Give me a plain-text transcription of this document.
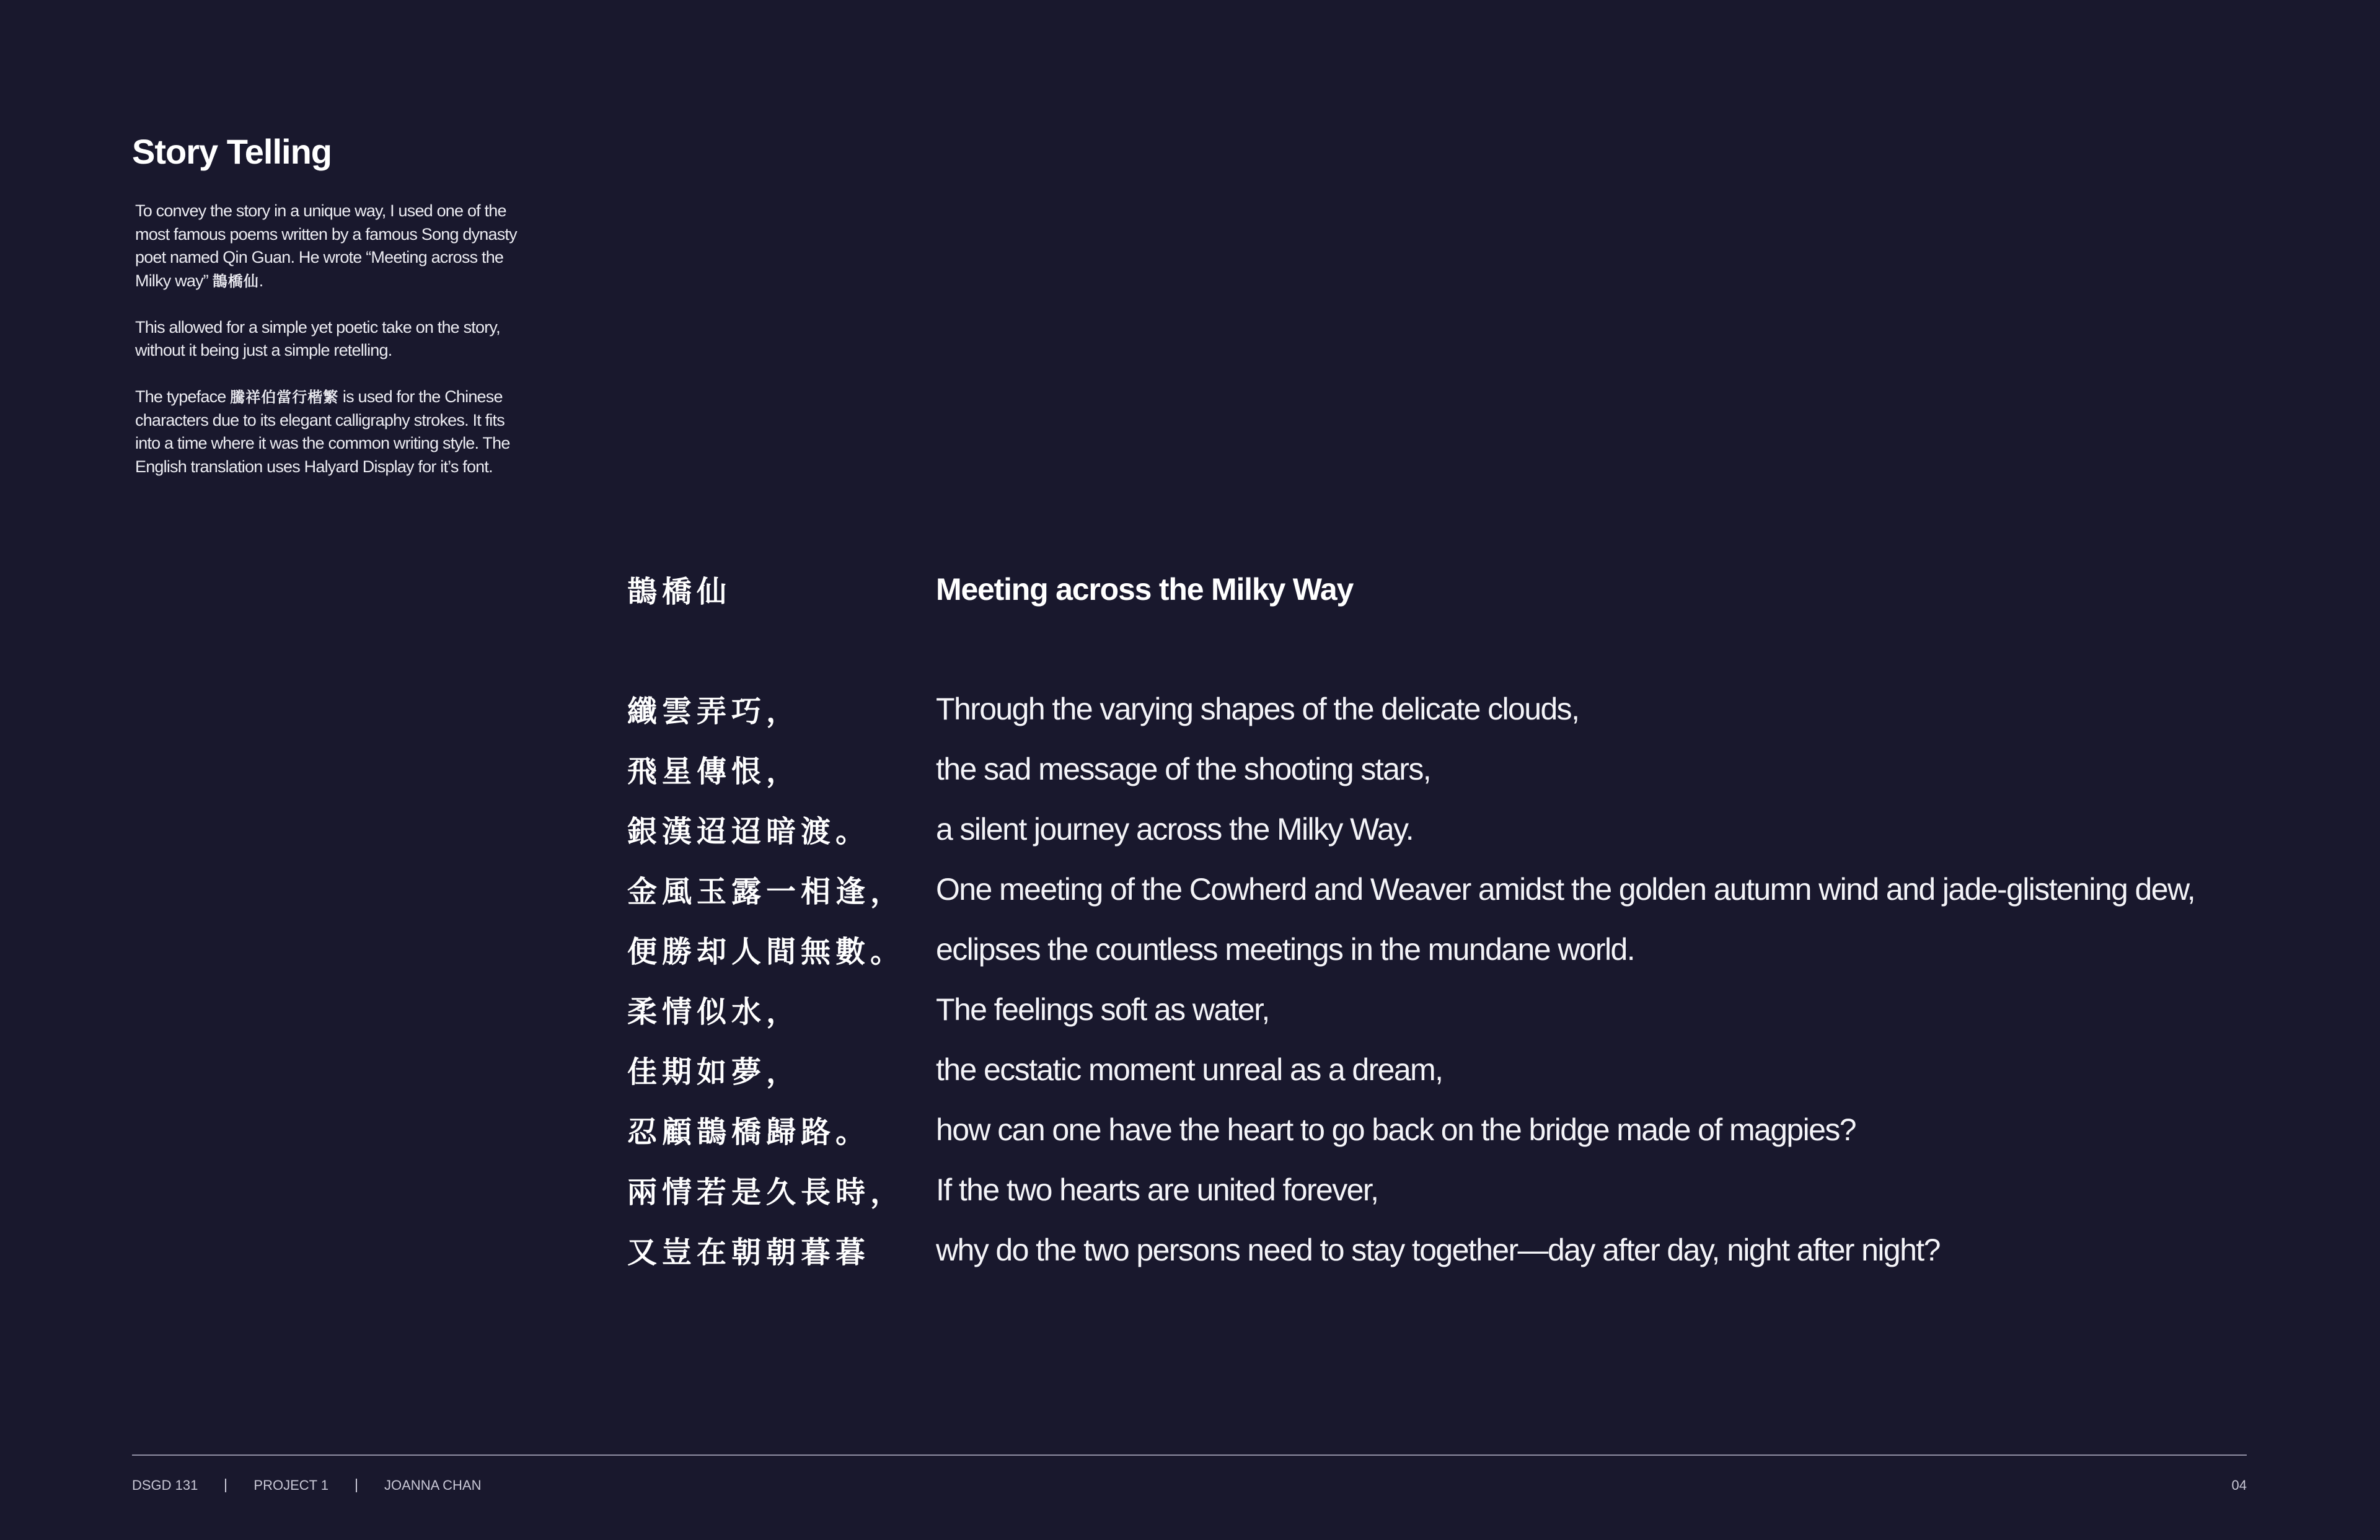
Story Telling

To convey the story in a unique way, I used one of the most famous poems written by a famous Song dynasty poet named Qin Guan. He wrote “Meeting across the Milky way” 鵲橋仙.

This allowed for a simple yet poetic take on the story, without it being just a simple retelling.

The typeface 騰祥伯當行楷繁 is used for the Chinese characters due to its elegant calligraphy strokes. It fits into a time where it was the common writing style. The English translation uses Halyard Display for it’s font.

鵲橋仙	Meeting across the Milky Way
纖雲弄巧，	Through the varying shapes of the delicate clouds,
飛星傳恨，	the sad message of the shooting stars,
銀漢迢迢暗渡。	a silent journey across the Milky Way.
金風玉露一相逢， One meeting of the Cowherd and Weaver amidst the golden autumn wind and jade-glistening dew,
便勝却人間無數。 eclipses the countless meetings in the mundane world.
柔情似水，	The feelings soft as water,
佳期如夢，	the ecstatic moment unreal as a dream,
忍顧鵲橋歸路。	how can one have the heart to go back on the bridge made of magpies?
兩情若是久長時， If the two hearts are united forever,
又豈在朝朝暮暮	why do the two persons need to stay together—day after day, night after night?
DSGD 131	PROJECT 1	JOANNA CHAN	04
